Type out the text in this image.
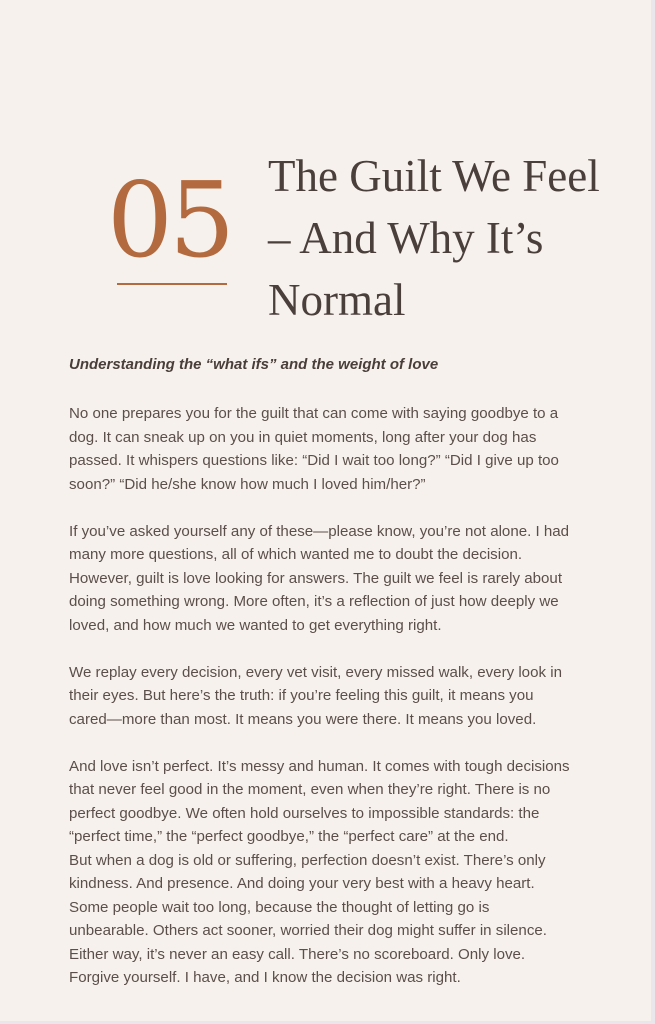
05 The Guilt We Feel
– And Why It’s
Normal
Understanding the “what ifs” and the weight of love

No one prepares you for the guilt that can come with saying goodbye to a
dog. It can sneak up on you in quiet moments, long after your dog has
passed. It whispers questions like: “Did I wait too long?” “Did I give up too
soon?” “Did he/she know how much I loved him/her?”

If you’ve asked yourself any of these—please know, you’re not alone. I had
many more questions, all of which wanted me to doubt the decision.
However, guilt is love looking for answers. The guilt we feel is rarely about
doing something wrong. More often, it’s a reflection of just how deeply we
loved, and how much we wanted to get everything right.

We replay every decision, every vet visit, every missed walk, every look in
their eyes. But here’s the truth: if you’re feeling this guilt, it means you
cared—more than most. It means you were there. It means you loved.

And love isn’t perfect. It’s messy and human. It comes with tough decisions
that never feel good in the moment, even when they’re right. There is no
perfect goodbye. We often hold ourselves to impossible standards: the
“perfect time,” the “perfect goodbye,” the “perfect care” at the end.
But when a dog is old or suffering, perfection doesn’t exist. There’s only
kindness. And presence. And doing your very best with a heavy heart.
Some people wait too long, because the thought of letting go is
unbearable. Others act sooner, worried their dog might suffer in silence.
Either way, it’s never an easy call. There’s no scoreboard. Only love.
Forgive yourself. I have, and I know the decision was right.
